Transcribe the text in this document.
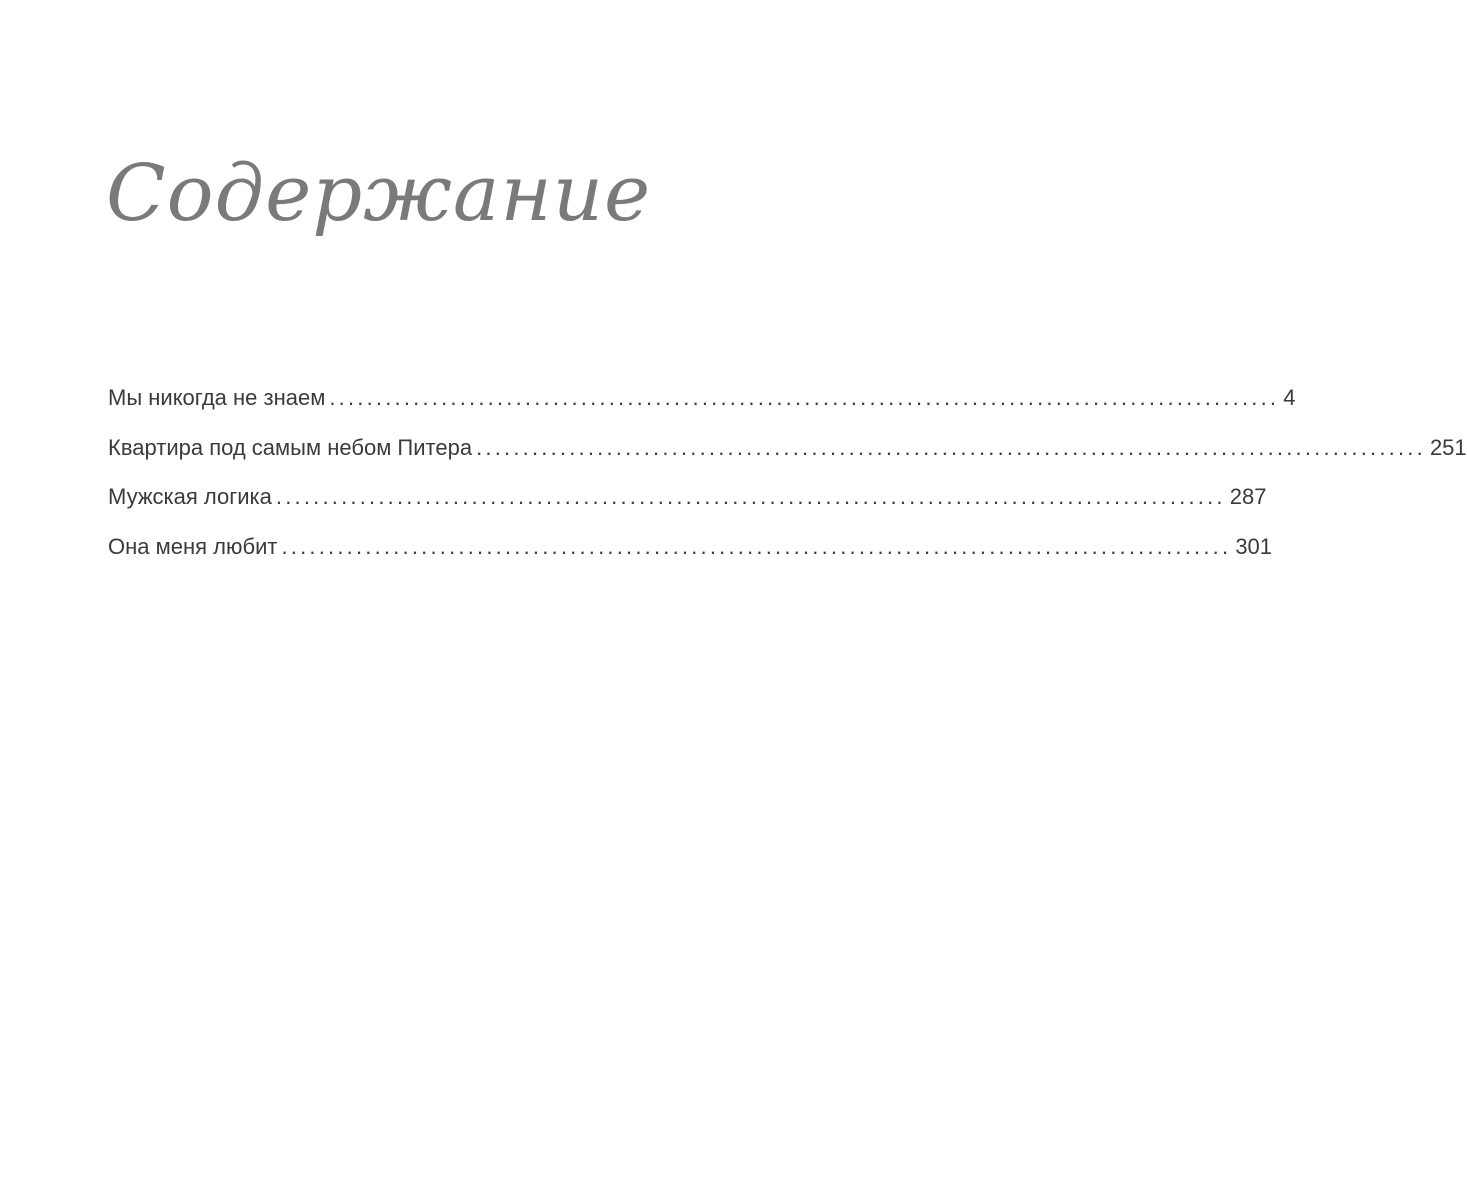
Содержание
Мы никогда не знаем ...................................................................................................... 4
Квартира под самым небом Питера ...................................................................................................... 251
Мужская логика ...................................................................................................... 287
Она меня любит ...................................................................................................... 301
